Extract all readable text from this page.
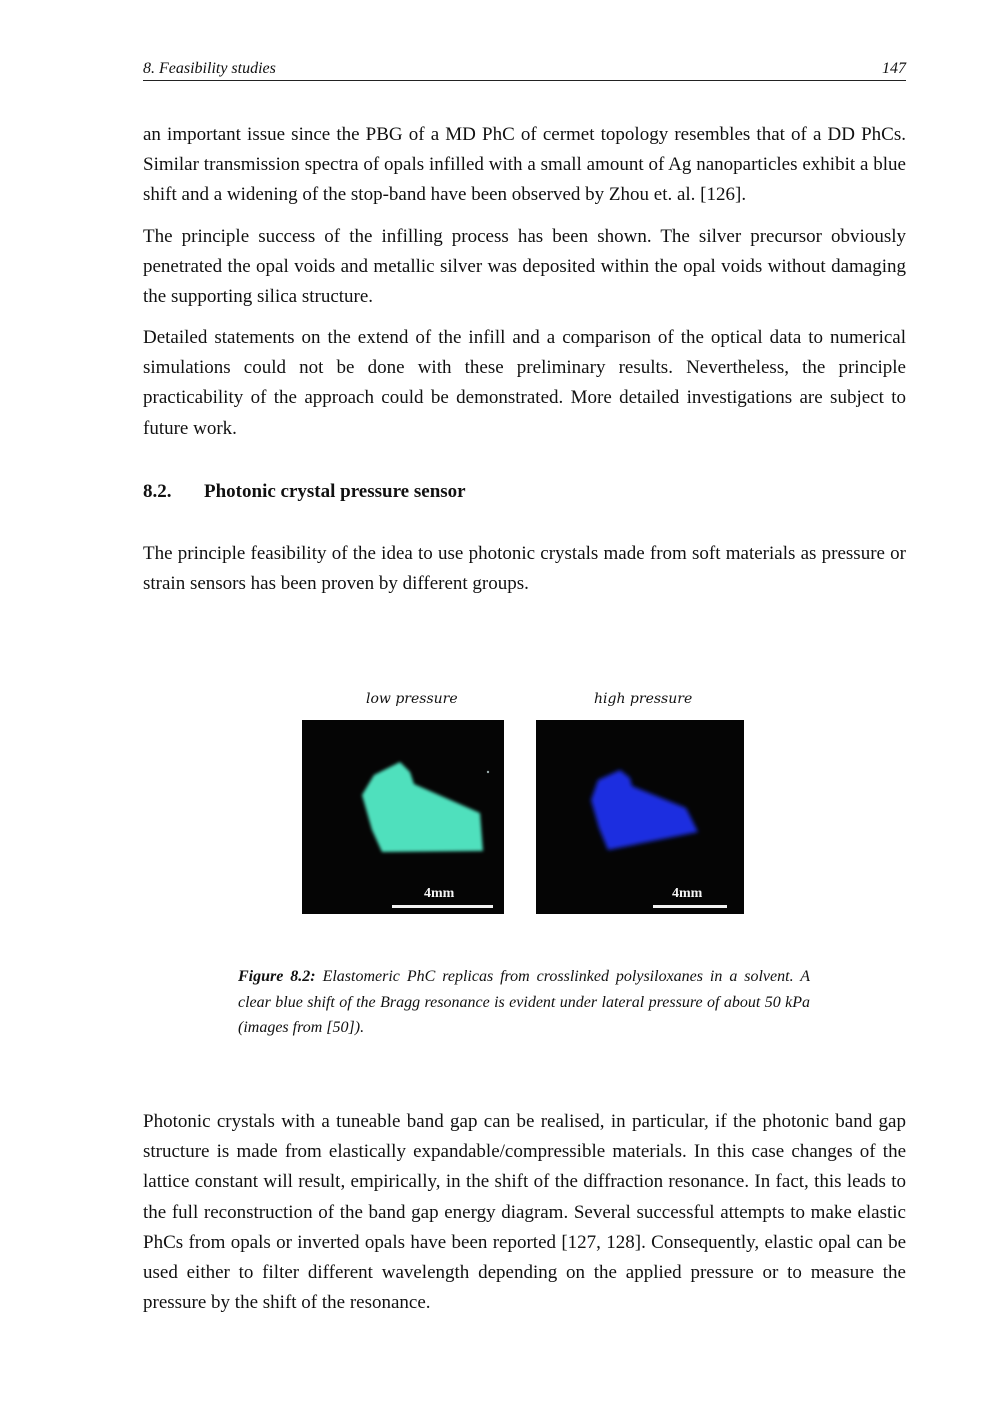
8. Feasibility studies	147

an important issue since the PBG of a MD PhC of cermet topology resembles that of a DD PhCs. Similar transmission spectra of opals infilled with a small amount of Ag nanoparticles exhibit a blue shift and a widening of the stop-band have been observed by Zhou et. al. [126].

The principle success of the infilling process has been shown. The silver precursor obviously penetrated the opal voids and metallic silver was deposited within the opal voids without damaging the supporting silica structure.

Detailed statements on the extend of the infill and a comparison of the optical data to numerical simulations could not be done with these preliminary results. Nevertheless, the principle practicability of the approach could be demonstrated. More detailed investigations are subject to future work.

8.2. Photonic crystal pressure sensor

The principle feasibility of the idea to use photonic crystals made from soft materials as pressure or strain sensors has been proven by different groups.

low pressure	high pressure
4mm	4mm

Figure 8.2: Elastomeric PhC replicas from crosslinked polysiloxanes in a solvent. A clear blue shift of the Bragg resonance is evident under lateral pressure of about 50 kPa (images from [50]).

Photonic crystals with a tuneable band gap can be realised, in particular, if the photonic band gap structure is made from elastically expandable/compressible materials. In this case changes of the lattice constant will result, empirically, in the shift of the diffraction resonance. In fact, this leads to the full reconstruction of the band gap energy diagram. Several successful attempts to make elastic PhCs from opals or inverted opals have been reported [127, 128]. Consequently, elastic opal can be used either to filter different wavelength depending on the applied pressure or to measure the pressure by the shift of the resonance.
